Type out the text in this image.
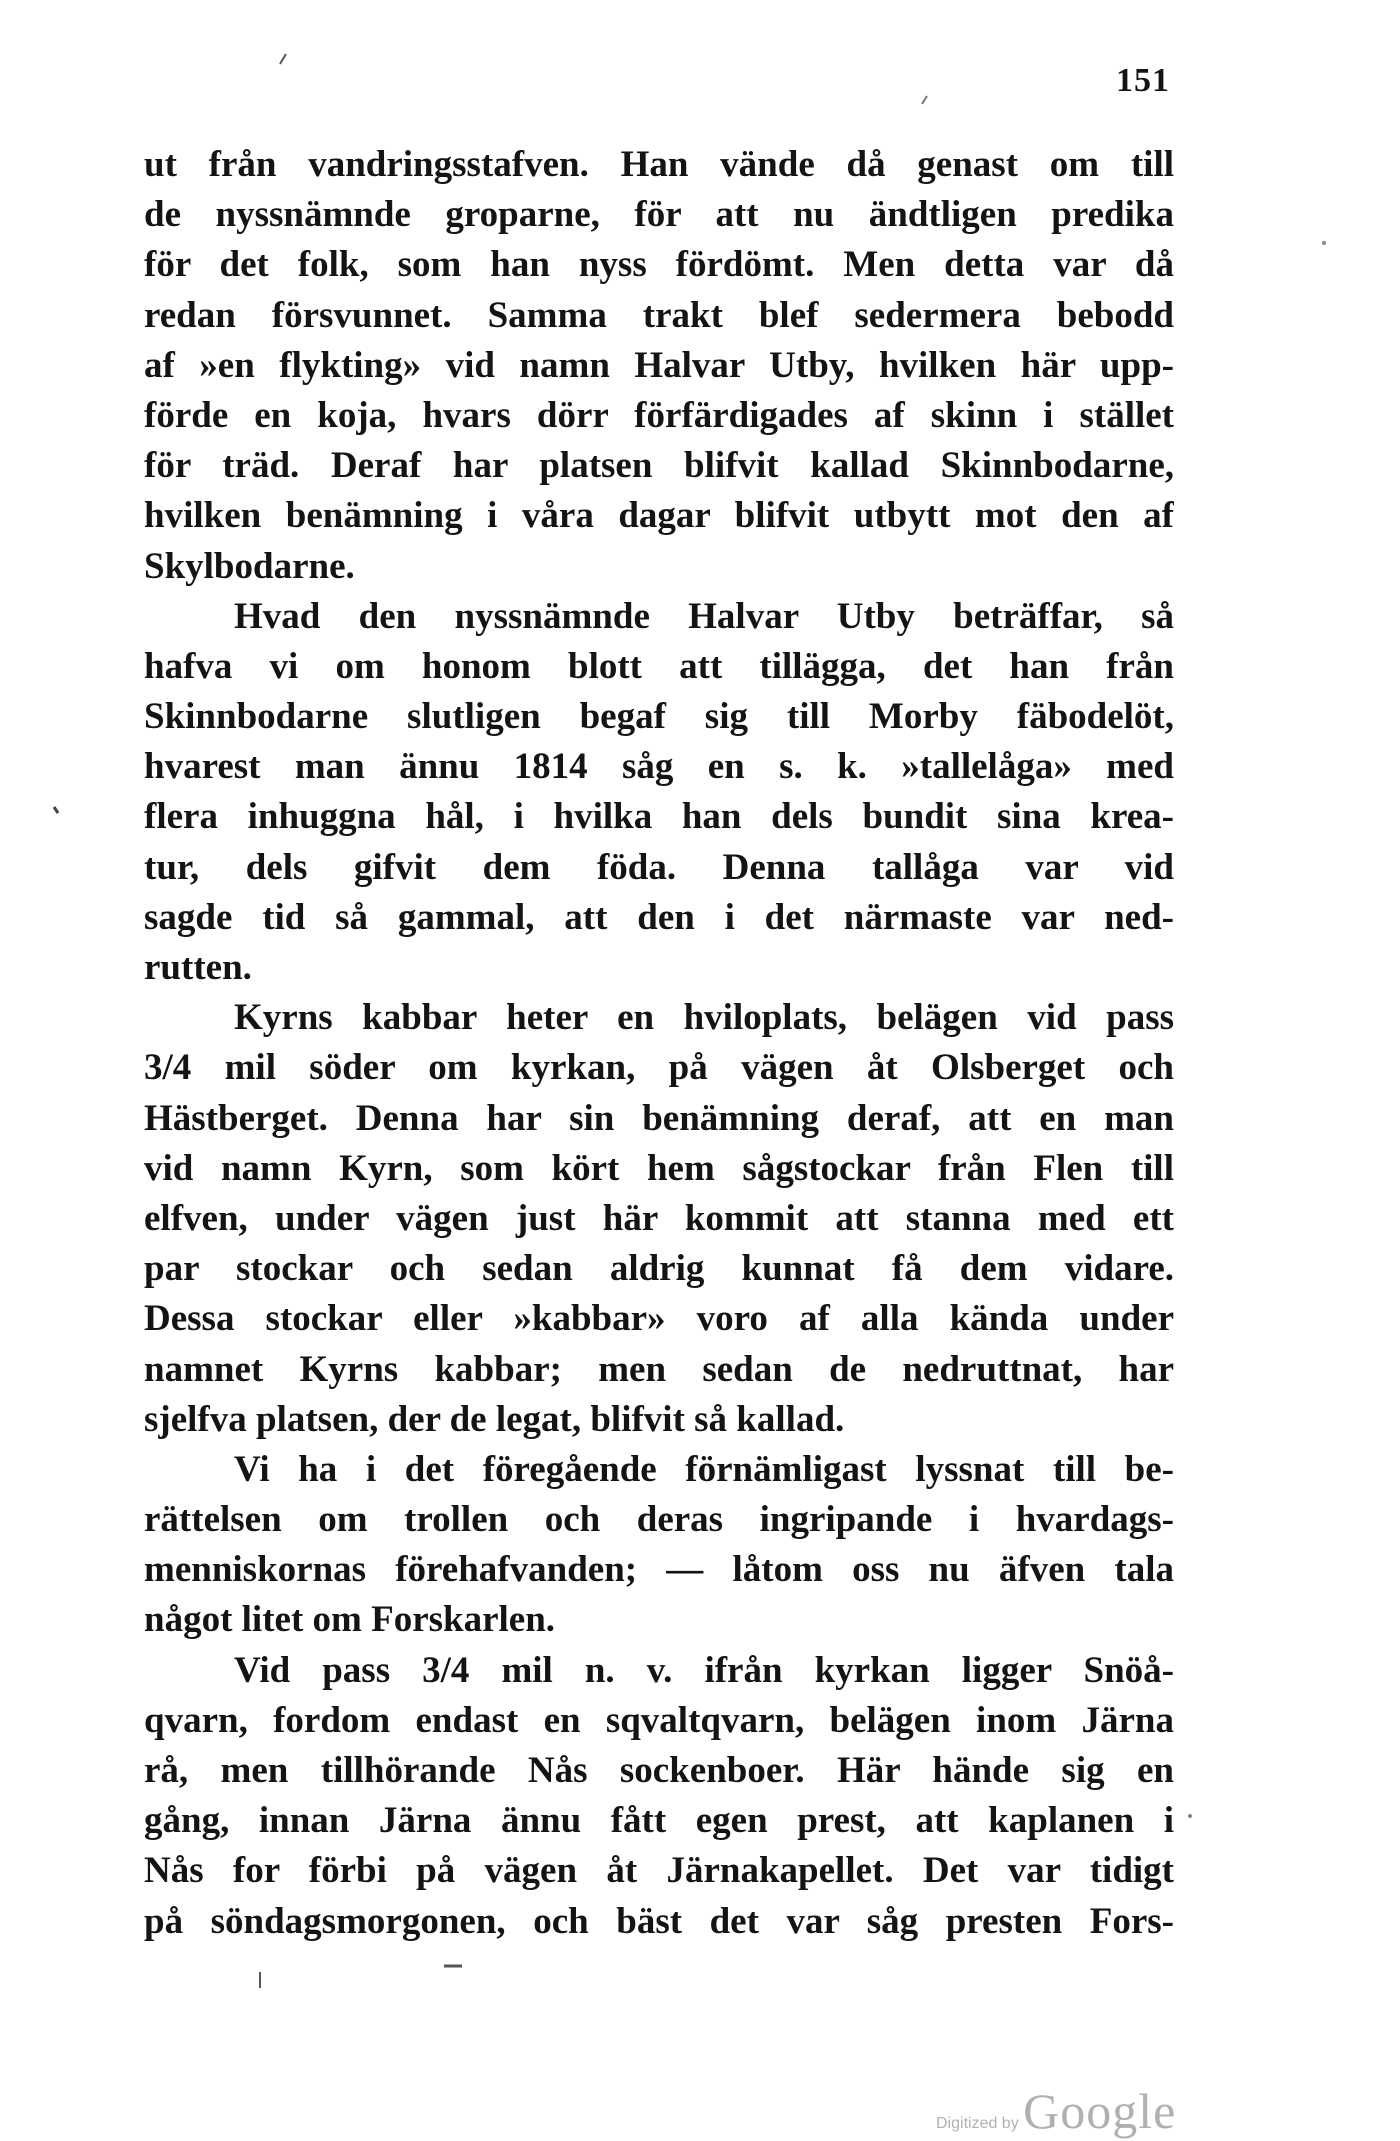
151
ut från vandringsstafven. Han vände då genast om till
de nyssnämnde groparne, för att nu ändtligen predika
för det folk, som han nyss fördömt. Men detta var då
redan försvunnet. Samma trakt blef sedermera bebodd
af »en flykting» vid namn Halvar Utby, hvilken här upp-
förde en koja, hvars dörr förfärdigades af skinn i stället
för träd. Deraf har platsen blifvit kallad Skinnbodarne,
hvilken benämning i våra dagar blifvit utbytt mot den af
Skylbodarne.
Hvad den nyssnämnde Halvar Utby beträffar, så
hafva vi om honom blott att tillägga, det han från
Skinnbodarne slutligen begaf sig till Morby fäbodelöt,
hvarest man ännu 1814 såg en s. k. »tallelåga» med
flera inhuggna hål, i hvilka han dels bundit sina krea-
tur, dels gifvit dem föda. Denna tallåga var vid
sagde tid så gammal, att den i det närmaste var ned-
rutten.
Kyrns kabbar heter en hviloplats, belägen vid pass
3/4 mil söder om kyrkan, på vägen åt Olsberget och
Hästberget. Denna har sin benämning deraf, att en man
vid namn Kyrn, som kört hem sågstockar från Flen till
elfven, under vägen just här kommit att stanna med ett
par stockar och sedan aldrig kunnat få dem vidare.
Dessa stockar eller »kabbar» voro af alla kända under
namnet Kyrns kabbar; men sedan de nedruttnat, har
sjelfva platsen, der de legat, blifvit så kallad.
Vi ha i det föregående förnämligast lyssnat till be-
rättelsen om trollen och deras ingripande i hvardags-
menniskornas förehafvanden; — låtom oss nu äfven tala
något litet om Forskarlen.
Vid pass 3/4 mil n. v. ifrån kyrkan ligger Snöå-
qvarn, fordom endast en sqvaltqvarn, belägen inom Järna
rå, men tillhörande Nås sockenboer. Här hände sig en
gång, innan Järna ännu fått egen prest, att kaplanen i
Nås for förbi på vägen åt Järnakapellet. Det var tidigt
på söndagsmorgonen, och bäst det var såg presten Fors-
Digitized by Google
